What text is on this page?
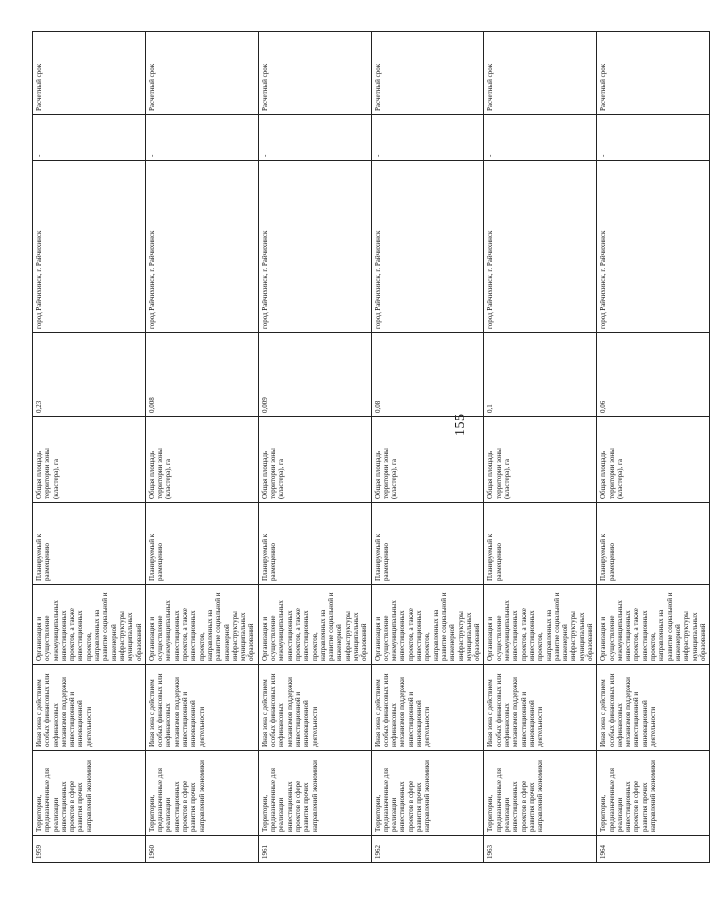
155
1959	Территории, предназначенные для реализации инвестиционных проектов в сфере развития прочих направлений экономики	Иная зона с действием особых финансовых или нефинансовых механизмов поддержки инвестиционной и инновационной деятельности	Организация и осуществление межмуниципальных инвестиционных проектов, а также инвестиционных проектов, направленных на развитие социальной и инженерной инфраструктуры муниципальных образований	Планируемый к размещению	Общая площадь территории зоны (кластера), га	0,23	город Райчихинск, г. Райчихинск	-	Расчетный срок
1960	Территории, предназначенные для реализации инвестиционных проектов в сфере развития прочих направлений экономики	Иная зона с действием особых финансовых или нефинансовых механизмов поддержки инвестиционной и инновационной деятельности	Организация и осуществление межмуниципальных инвестиционных проектов, а также инвестиционных проектов, направленных на развитие социальной и инженерной инфраструктуры муниципальных образований	Планируемый к размещению	Общая площадь территории зоны (кластера), га	0,008	город Райчихинск, г. Райчихинск	-	Расчетный срок
1961	Территории, предназначенные для реализации инвестиционных проектов в сфере развития прочих направлений экономики	Иная зона с действием особых финансовых или нефинансовых механизмов поддержки инвестиционной и инновационной деятельности	Организация и осуществление межмуниципальных инвестиционных проектов, а также инвестиционных проектов, направленных на развитие социальной и инженерной инфраструктуры муниципальных образований	Планируемый к размещению	Общая площадь территории зоны (кластера), га	0,009	город Райчихинск, г. Райчихинск	-	Расчетный срок
1962	Территории, предназначенные для реализации инвестиционных проектов в сфере развития прочих направлений экономики	Иная зона с действием особых финансовых или нефинансовых механизмов поддержки инвестиционной и инновационной деятельности	Организация и осуществление межмуниципальных инвестиционных проектов, а также инвестиционных проектов, направленных на развитие социальной и инженерной инфраструктуры муниципальных образований	Планируемый к размещению	Общая площадь территории зоны (кластера), га	0,08	город Райчихинск, г. Райчихинск	-	Расчетный срок
1963	Территории, предназначенные для реализации инвестиционных проектов в сфере развития прочих направлений экономики	Иная зона с действием особых финансовых или нефинансовых механизмов поддержки инвестиционной и инновационной деятельности	Организация и осуществление межмуниципальных инвестиционных проектов, а также инвестиционных проектов, направленных на развитие социальной и инженерной инфраструктуры муниципальных образований	Планируемый к размещению	Общая площадь территории зоны (кластера), га	0,1	город Райчихинск, г. Райчихинск	-	Расчетный срок
1964	Территории, предназначенные для реализации инвестиционных проектов в сфере развития прочих направлений экономики	Иная зона с действием особых финансовых или нефинансовых механизмов поддержки инвестиционной и инновационной деятельности	Организация и осуществление межмуниципальных инвестиционных проектов, а также инвестиционных проектов, направленных на развитие социальной и инженерной инфраструктуры муниципальных образований	Планируемый к размещению	Общая площадь территории зоны (кластера), га	0,06	город Райчихинск, г. Райчихинск	-	Расчетный срок
